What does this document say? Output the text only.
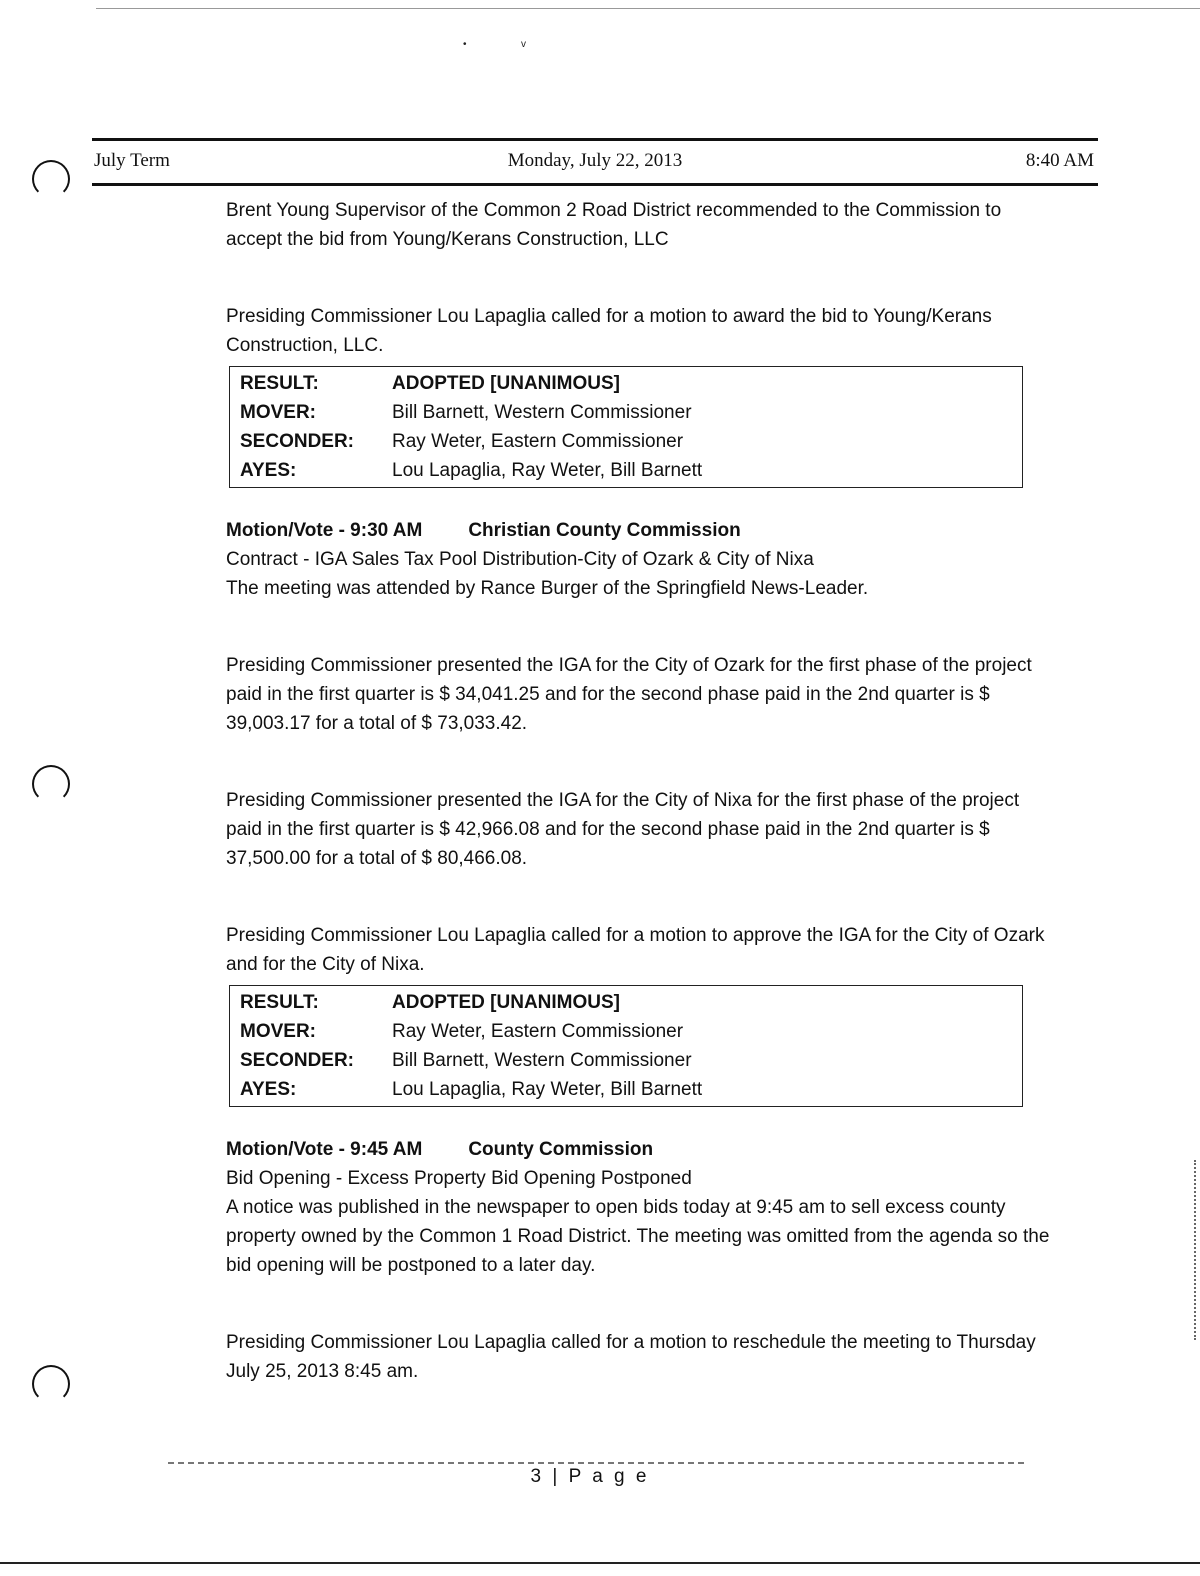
•	v
July Term	Monday, July 22, 2013	8:40 AM

Brent Young Supervisor of the Common 2 Road District recommended to the Commission to accept the bid from Young/Kerans Construction, LLC

Presiding Commissioner Lou Lapaglia called for a motion to award the bid to Young/Kerans Construction, LLC.

RESULT:	ADOPTED [UNANIMOUS]
MOVER:	Bill Barnett, Western Commissioner
SECONDER:	Ray Weter, Eastern Commissioner
AYES:	Lou Lapaglia, Ray Weter, Bill Barnett

Motion/Vote - 9:30 AM Christian County Commission

Contract - IGA Sales Tax Pool Distribution-City of Ozark & City of Nixa

The meeting was attended by Rance Burger of the Springfield News-Leader.

Presiding Commissioner presented the IGA for the City of Ozark for the first phase of the project paid in the first quarter is $ 34,041.25 and for the second phase paid in the 2nd quarter is $ 39,003.17 for a total of $ 73,033.42.

Presiding Commissioner presented the IGA for the City of Nixa for the first phase of the project paid in the first quarter is $ 42,966.08 and for the second phase paid in the 2nd quarter is $ 37,500.00 for a total of $ 80,466.08.

Presiding Commissioner Lou Lapaglia called for a motion to approve the IGA for the City of Ozark and for the City of Nixa.

RESULT:	ADOPTED [UNANIMOUS]
MOVER:	Ray Weter, Eastern Commissioner
SECONDER:	Bill Barnett, Western Commissioner
AYES:	Lou Lapaglia, Ray Weter, Bill Barnett

Motion/Vote - 9:45 AM County Commission

Bid Opening - Excess Property Bid Opening Postponed

A notice was published in the newspaper to open bids today at 9:45 am to sell excess county property owned by the Common 1 Road District. The meeting was omitted from the agenda so the bid opening will be postponed to a later day.

Presiding Commissioner Lou Lapaglia called for a motion to reschedule the meeting to Thursday July 25, 2013 8:45 am.

3 | P a g e
